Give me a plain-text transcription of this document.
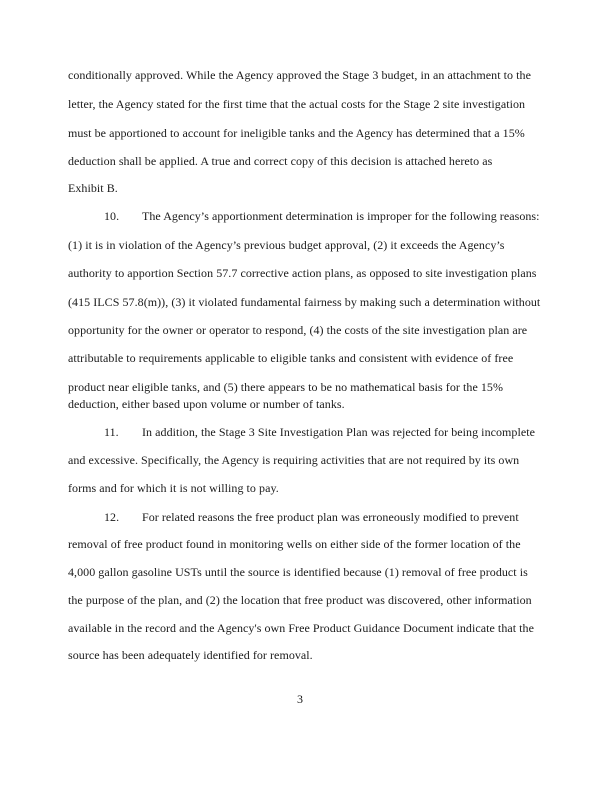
conditionally approved. While the Agency approved the Stage 3 budget, in an attachment to the
letter, the Agency stated for the first time that the actual costs for the Stage 2 site investigation
must be apportioned to account for ineligible tanks and the Agency has determined that a 15%
deduction shall be applied. A true and correct copy of this decision is attached hereto as
Exhibit B.
10. The Agency’s apportionment determination is improper for the following reasons:
(1) it is in violation of the Agency’s previous budget approval, (2) it exceeds the Agency’s
authority to apportion Section 57.7 corrective action plans, as opposed to site investigation plans
(415 ILCS 57.8(m)), (3) it violated fundamental fairness by making such a determination without
opportunity for the owner or operator to respond, (4) the costs of the site investigation plan are
attributable to requirements applicable to eligible tanks and consistent with evidence of free
product near eligible tanks, and (5) there appears to be no mathematical basis for the 15%
deduction, either based upon volume or number of tanks.
11. In addition, the Stage 3 Site Investigation Plan was rejected for being incomplete
and excessive. Specifically, the Agency is requiring activities that are not required by its own
forms and for which it is not willing to pay.
12. For related reasons the free product plan was erroneously modified to prevent
removal of free product found in monitoring wells on either side of the former location of the
4,000 gallon gasoline USTs until the source is identified because (1) removal of free product is
the purpose of the plan, and (2) the location that free product was discovered, other information
available in the record and the Agency's own Free Product Guidance Document indicate that the
source has been adequately identified for removal.
3
